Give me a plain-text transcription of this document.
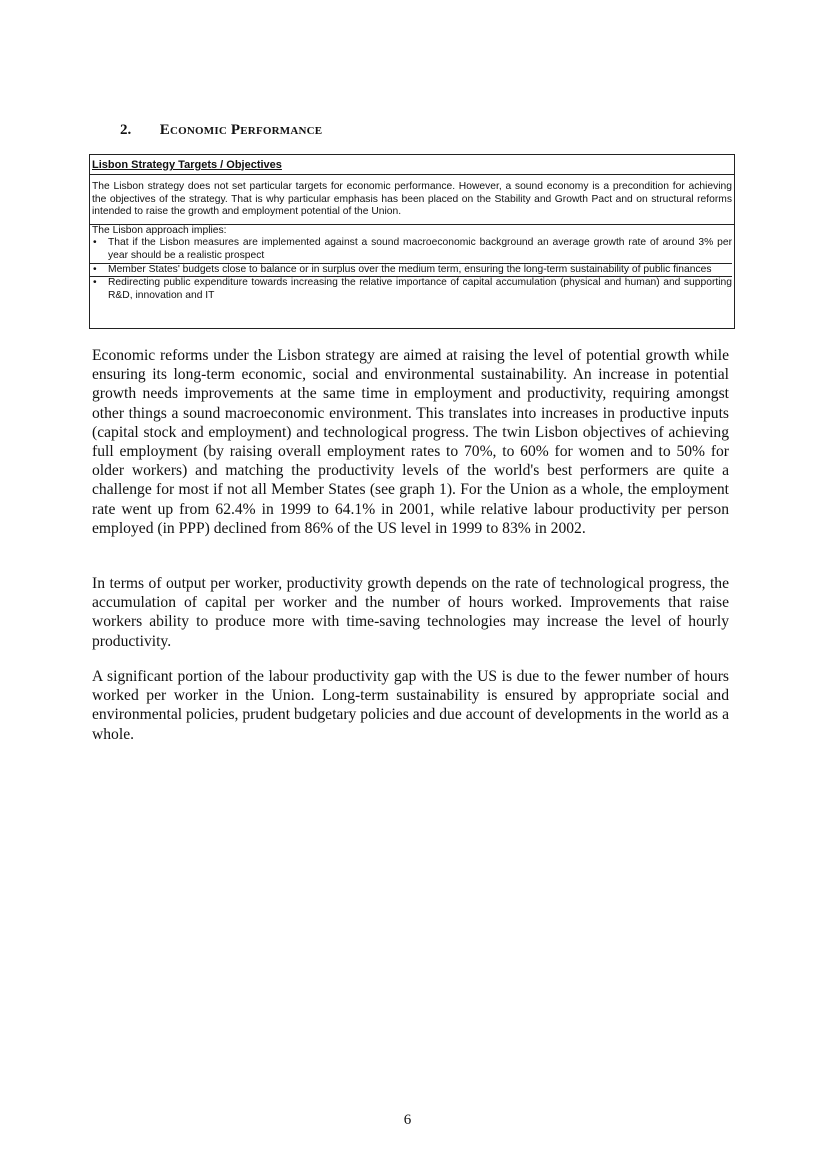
2. Economic Performance
Lisbon Strategy Targets / Objectives

The Lisbon strategy does not set particular targets for economic performance. However, a sound economy is a precondition for achieving the objectives of the strategy. That is why particular emphasis has been placed on the Stability and Growth Pact and on structural reforms intended to raise the growth and employment potential of the Union.

The Lisbon approach implies:
• That if the Lisbon measures are implemented against a sound macroeconomic background an average growth rate of around 3% per year should be a realistic prospect
• Member States' budgets close to balance or in surplus over the medium term, ensuring the long-term sustainability of public finances
• Redirecting public expenditure towards increasing the relative importance of capital accumulation (physical and human) and supporting R&D, innovation and IT

Economic reforms under the Lisbon strategy are aimed at raising the level of potential growth while ensuring its long-term economic, social and environmental sustainability. An increase in potential growth needs improvements at the same time in employment and productivity, requiring amongst other things a sound macroeconomic environment. This translates into increases in productive inputs (capital stock and employment) and technological progress. The twin Lisbon objectives of achieving full employment (by raising overall employment rates to 70%, to 60% for women and to 50% for older workers) and matching the productivity levels of the world's best performers are quite a challenge for most if not all Member States (see graph 1). For the Union as a whole, the employment rate went up from 62.4% in 1999 to 64.1% in 2001, while relative labour productivity per person employed (in PPP) declined from 86% of the US level in 1999 to 83% in 2002.

In terms of output per worker, productivity growth depends on the rate of technological progress, the accumulation of capital per worker and the number of hours worked. Improvements that raise workers ability to produce more with time-saving technologies may increase the level of hourly productivity.

A significant portion of the labour productivity gap with the US is due to the fewer number of hours worked per worker in the Union. Long-term sustainability is ensured by appropriate social and environmental policies, prudent budgetary policies and due account of developments in the world as a whole.

6
